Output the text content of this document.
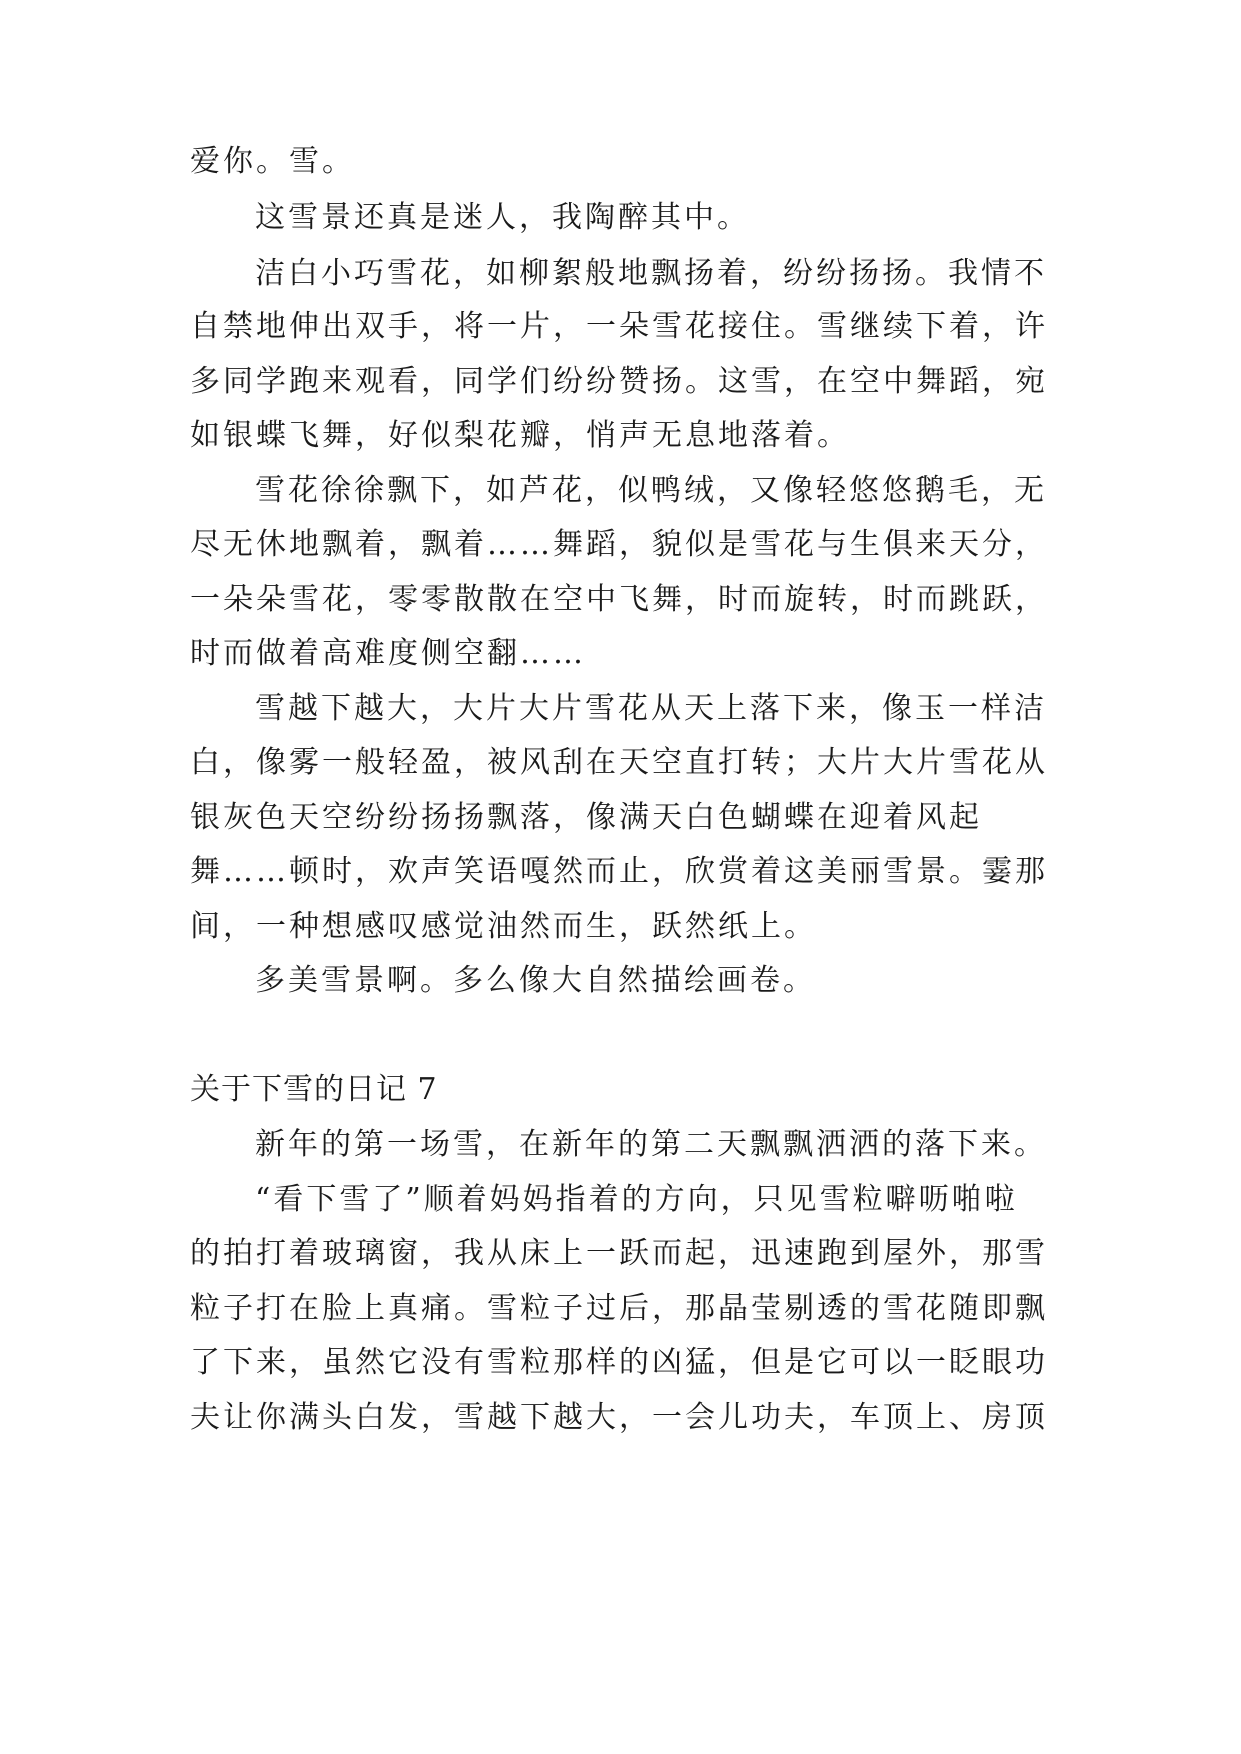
爱你。雪。
这雪景还真是迷人，我陶醉其中。
洁白小巧雪花，如柳絮般地飘扬着，纷纷扬扬。我情不
自禁地伸出双手，将一片，一朵雪花接住。雪继续下着，许
多同学跑来观看，同学们纷纷赞扬。这雪，在空中舞蹈，宛
如银蝶飞舞，好似梨花瓣，悄声无息地落着。
雪花徐徐飘下，如芦花，似鸭绒，又像轻悠悠鹅毛，无
尽无休地飘着，飘着……舞蹈，貌似是雪花与生俱来天分，
一朵朵雪花，零零散散在空中飞舞，时而旋转，时而跳跃，
时而做着高难度侧空翻……
雪越下越大，大片大片雪花从天上落下来，像玉一样洁
白，像雾一般轻盈，被风刮在天空直打转；大片大片雪花从
银灰色天空纷纷扬扬飘落，像满天白色蝴蝶在迎着风起
舞……顿时，欢声笑语嘎然而止，欣赏着这美丽雪景。霎那
间，一种想感叹感觉油然而生，跃然纸上。
多美雪景啊。多么像大自然描绘画卷。
关于下雪的日记 7
新年的第一场雪，在新年的第二天飘飘洒洒的落下来。
“看下雪了”顺着妈妈指着的方向，只见雪粒噼呖啪啦
的拍打着玻璃窗，我从床上一跃而起，迅速跑到屋外，那雪
粒子打在脸上真痛。雪粒子过后，那晶莹剔透的雪花随即飘
了下来，虽然它没有雪粒那样的凶猛，但是它可以一眨眼功
夫让你满头白发，雪越下越大，一会儿功夫，车顶上、房顶
